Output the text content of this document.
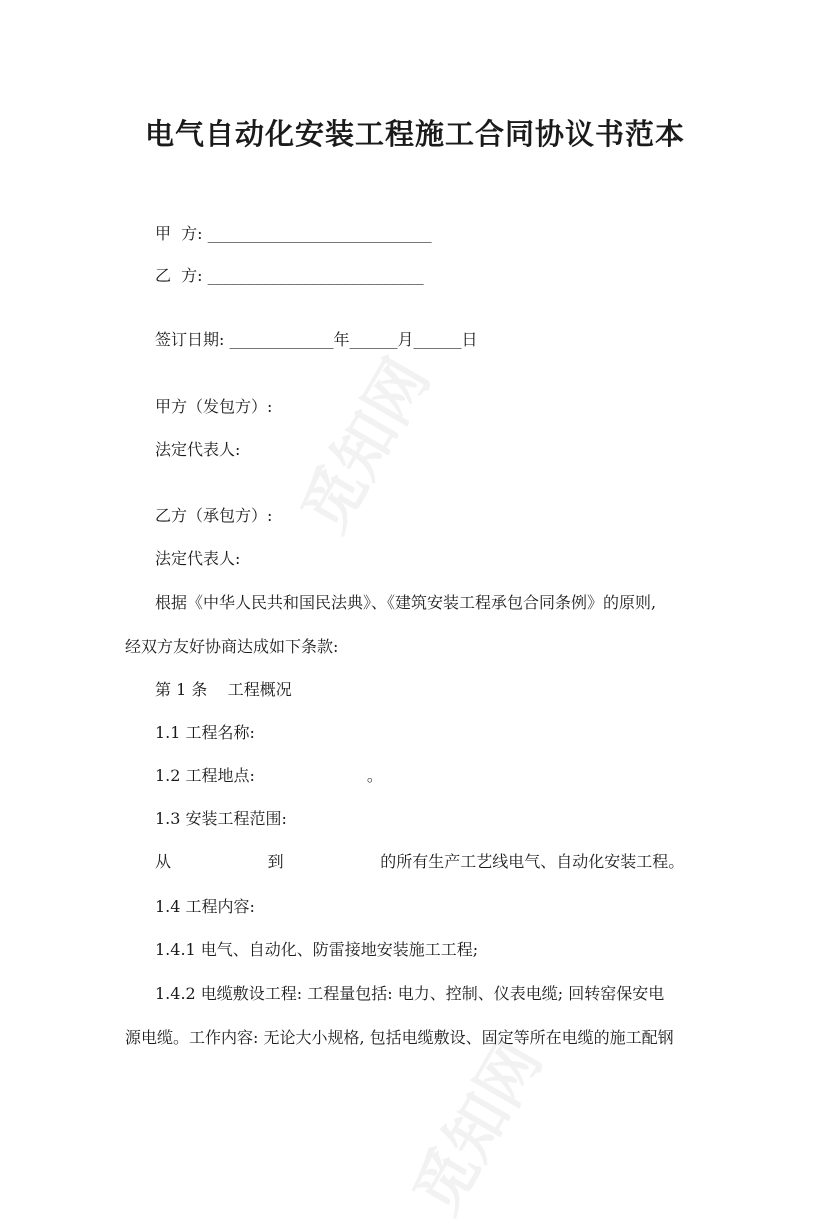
觅知网
觅知网
电气自动化安装工程施工合同协议书范本
甲  方: ____________________________
乙  方: ___________________________
签订日期: _____________年______月______日
甲方（发包方）:
法定代表人:
乙方（承包方）:
法定代表人:
根据《中华人民共和国民法典》、《建筑安装工程承包合同条例》的原则,
经双方友好协商达成如下条款:
第 1 条    工程概况
1.1 工程名称:
1.2 工程地点:                      。
1.3 安装工程范围:
从                   到                   的所有生产工艺线电气、自动化安装工程。
1.4 工程内容:
1.4.1 电气、自动化、防雷接地安装施工工程;
1.4.2 电缆敷设工程: 工程量包括: 电力、控制、仪表电缆; 回转窑保安电
源电缆。工作内容: 无论大小规格, 包括电缆敷设、固定等所在电缆的施工配钢
